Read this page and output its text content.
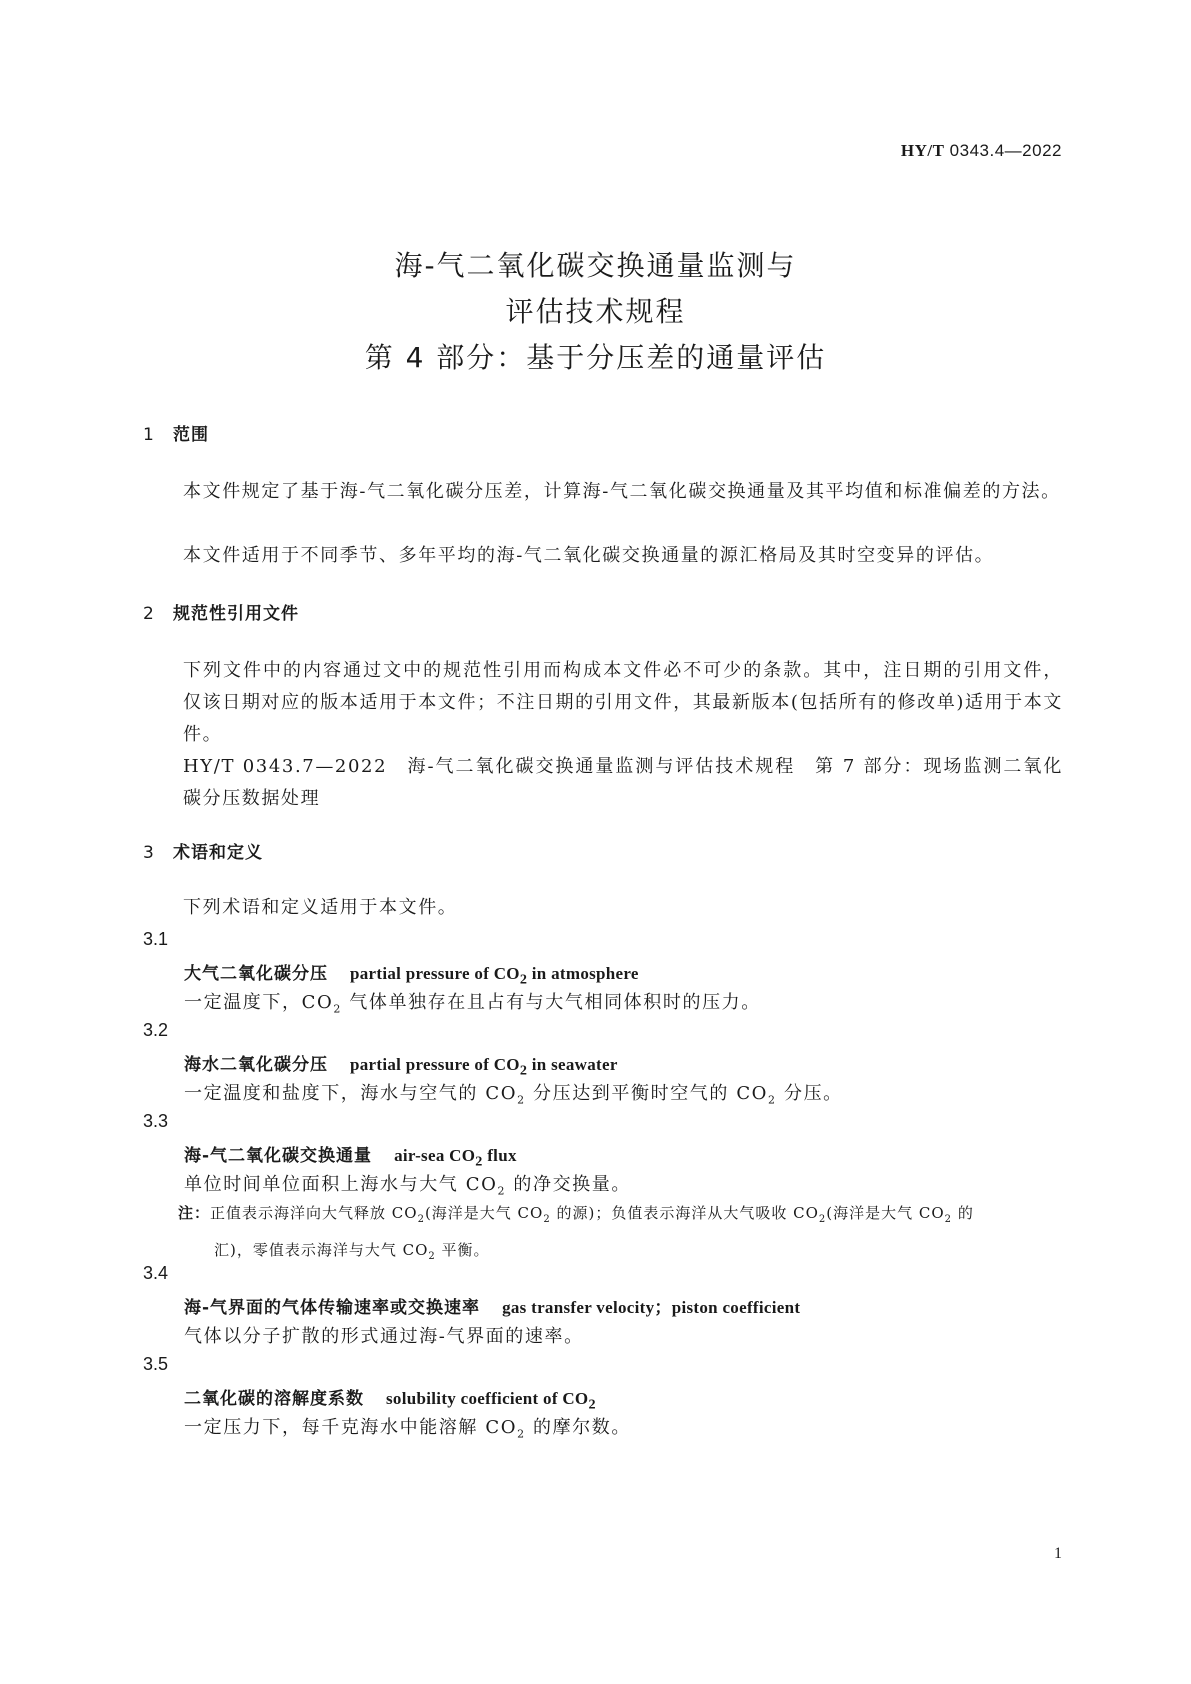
HY/T 0343.4—2022
海-气二氧化碳交换通量监测与
评估技术规程
第 4 部分：基于分压差的通量评估
1 范围
本文件规定了基于海-气二氧化碳分压差，计算海-气二氧化碳交换通量及其平均值和标准偏差的方法。
本文件适用于不同季节、多年平均的海-气二氧化碳交换通量的源汇格局及其时空变异的评估。
2 规范性引用文件
下列文件中的内容通过文中的规范性引用而构成本文件必不可少的条款。其中，注日期的引用文件，仅该日期对应的版本适用于本文件；不注日期的引用文件，其最新版本(包括所有的修改单)适用于本文件。
HY/T 0343.7—2022　海-气二氧化碳交换通量监测与评估技术规程　第 7 部分：现场监测二氧化碳分压数据处理
3 术语和定义
下列术语和定义适用于本文件。
3.1
大气二氧化碳分压 partial pressure of $CO_2$ in atmosphere
一定温度下，$CO_2$ 气体单独存在且占有与大气相同体积时的压力。
3.2
海水二氧化碳分压 partial pressure of $CO_2$ in seawater
一定温度和盐度下，海水与空气的 $CO_2$ 分压达到平衡时空气的 $CO_2$ 分压。
3.3
海-气二氧化碳交换通量 air-sea $CO_2$ flux
单位时间单位面积上海水与大气 $CO_2$ 的净交换量。
注：正值表示海洋向大气释放 $CO_2$(海洋是大气 $CO_2$ 的源)；负值表示海洋从大气吸收 $CO_2$(海洋是大气 $CO_2$ 的
汇)，零值表示海洋与大气 $CO_2$ 平衡。
3.4
海-气界面的气体传输速率或交换速率 gas transfer velocity；piston coefficient
气体以分子扩散的形式通过海-气界面的速率。
3.5
二氧化碳的溶解度系数 solubility coefficient of $CO_2$
一定压力下，每千克海水中能溶解 $CO_2$ 的摩尔数。
1
